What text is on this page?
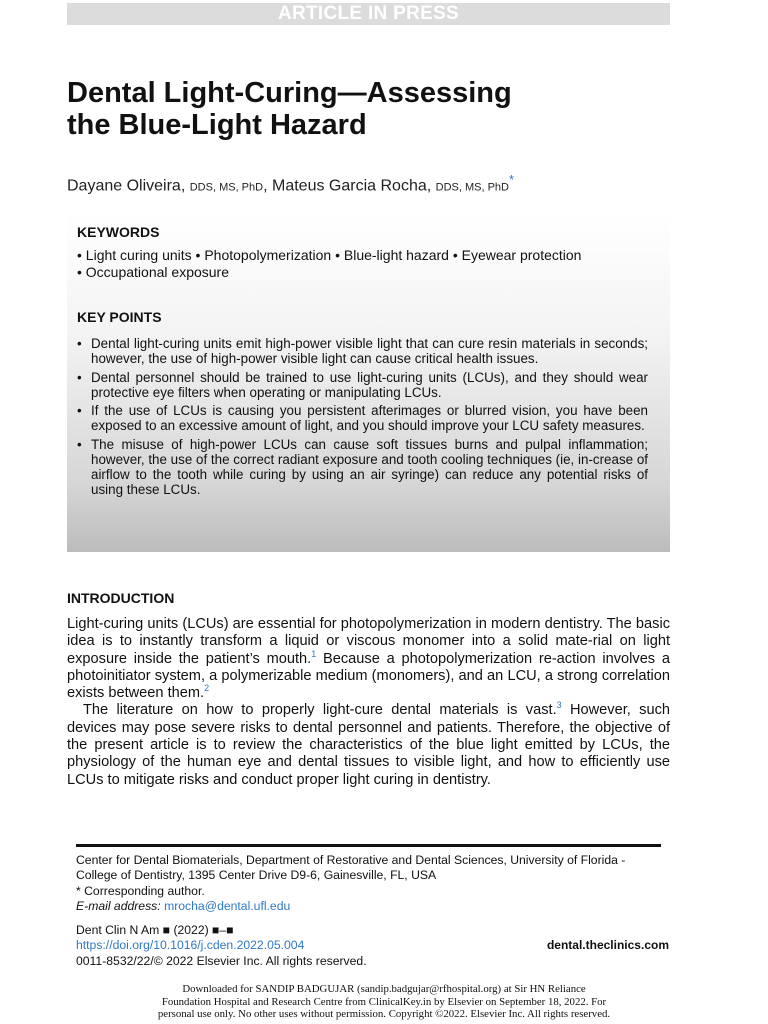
ARTICLE IN PRESS
Dental Light-Curing—Assessing
the Blue-Light Hazard
Dayane Oliveira, DDS, MS, PhD, Mateus Garcia Rocha, DDS, MS, PhD*
KEYWORDS
• Light curing units • Photopolymerization • Blue-light hazard • Eyewear protection • Occupational exposure
KEY POINTS
• Dental light-curing units emit high-power visible light that can cure resin materials in seconds; however, the use of high-power visible light can cause critical health issues.
• Dental personnel should be trained to use light-curing units (LCUs), and they should wear protective eye filters when operating or manipulating LCUs.
• If the use of LCUs is causing you persistent afterimages or blurred vision, you have been exposed to an excessive amount of light, and you should improve your LCU safety measures.
• The misuse of high-power LCUs can cause soft tissues burns and pulpal inflammation; however, the use of the correct radiant exposure and tooth cooling techniques (ie, in-crease of airflow to the tooth while curing by using an air syringe) can reduce any potential risks of using these LCUs.
INTRODUCTION

Light-curing units (LCUs) are essential for photopolymerization in modern dentistry. The basic idea is to instantly transform a liquid or viscous monomer into a solid mate-rial on light exposure inside the patient’s mouth.$^1$ Because a photopolymerization re-action involves a photoinitiator system, a polymerizable medium (monomers), and an LCU, a strong correlation exists between them.$^2$

The literature on how to properly light-cure dental materials is vast.$^3$ However, such devices may pose severe risks to dental personnel and patients. Therefore, the objective of the present article is to review the characteristics of the blue light emitted by LCUs, the physiology of the human eye and dental tissues to visible light, and how to efficiently use LCUs to mitigate risks and conduct proper light curing in dentistry.

Center for Dental Biomaterials, Department of Restorative and Dental Sciences, University of Florida - College of Dentistry, 1395 Center Drive D9-6, Gainesville, FL, USA
* Corresponding author.
E-mail address: mrocha@dental.ufl.edu
Dent Clin N Am ■ (2022) ■–■
https://doi.org/10.1016/j.cden.2022.05.004
0011-8532/22/© 2022 Elsevier Inc. All rights reserved.
dental.theclinics.com
Downloaded for SANDIP BADGUJAR (sandip.badgujar@rfhospital.org) at Sir HN Reliance
Foundation Hospital and Research Centre from ClinicalKey.in by Elsevier on September 18, 2022. For
personal use only. No other uses without permission. Copyright ©2022. Elsevier Inc. All rights reserved.
